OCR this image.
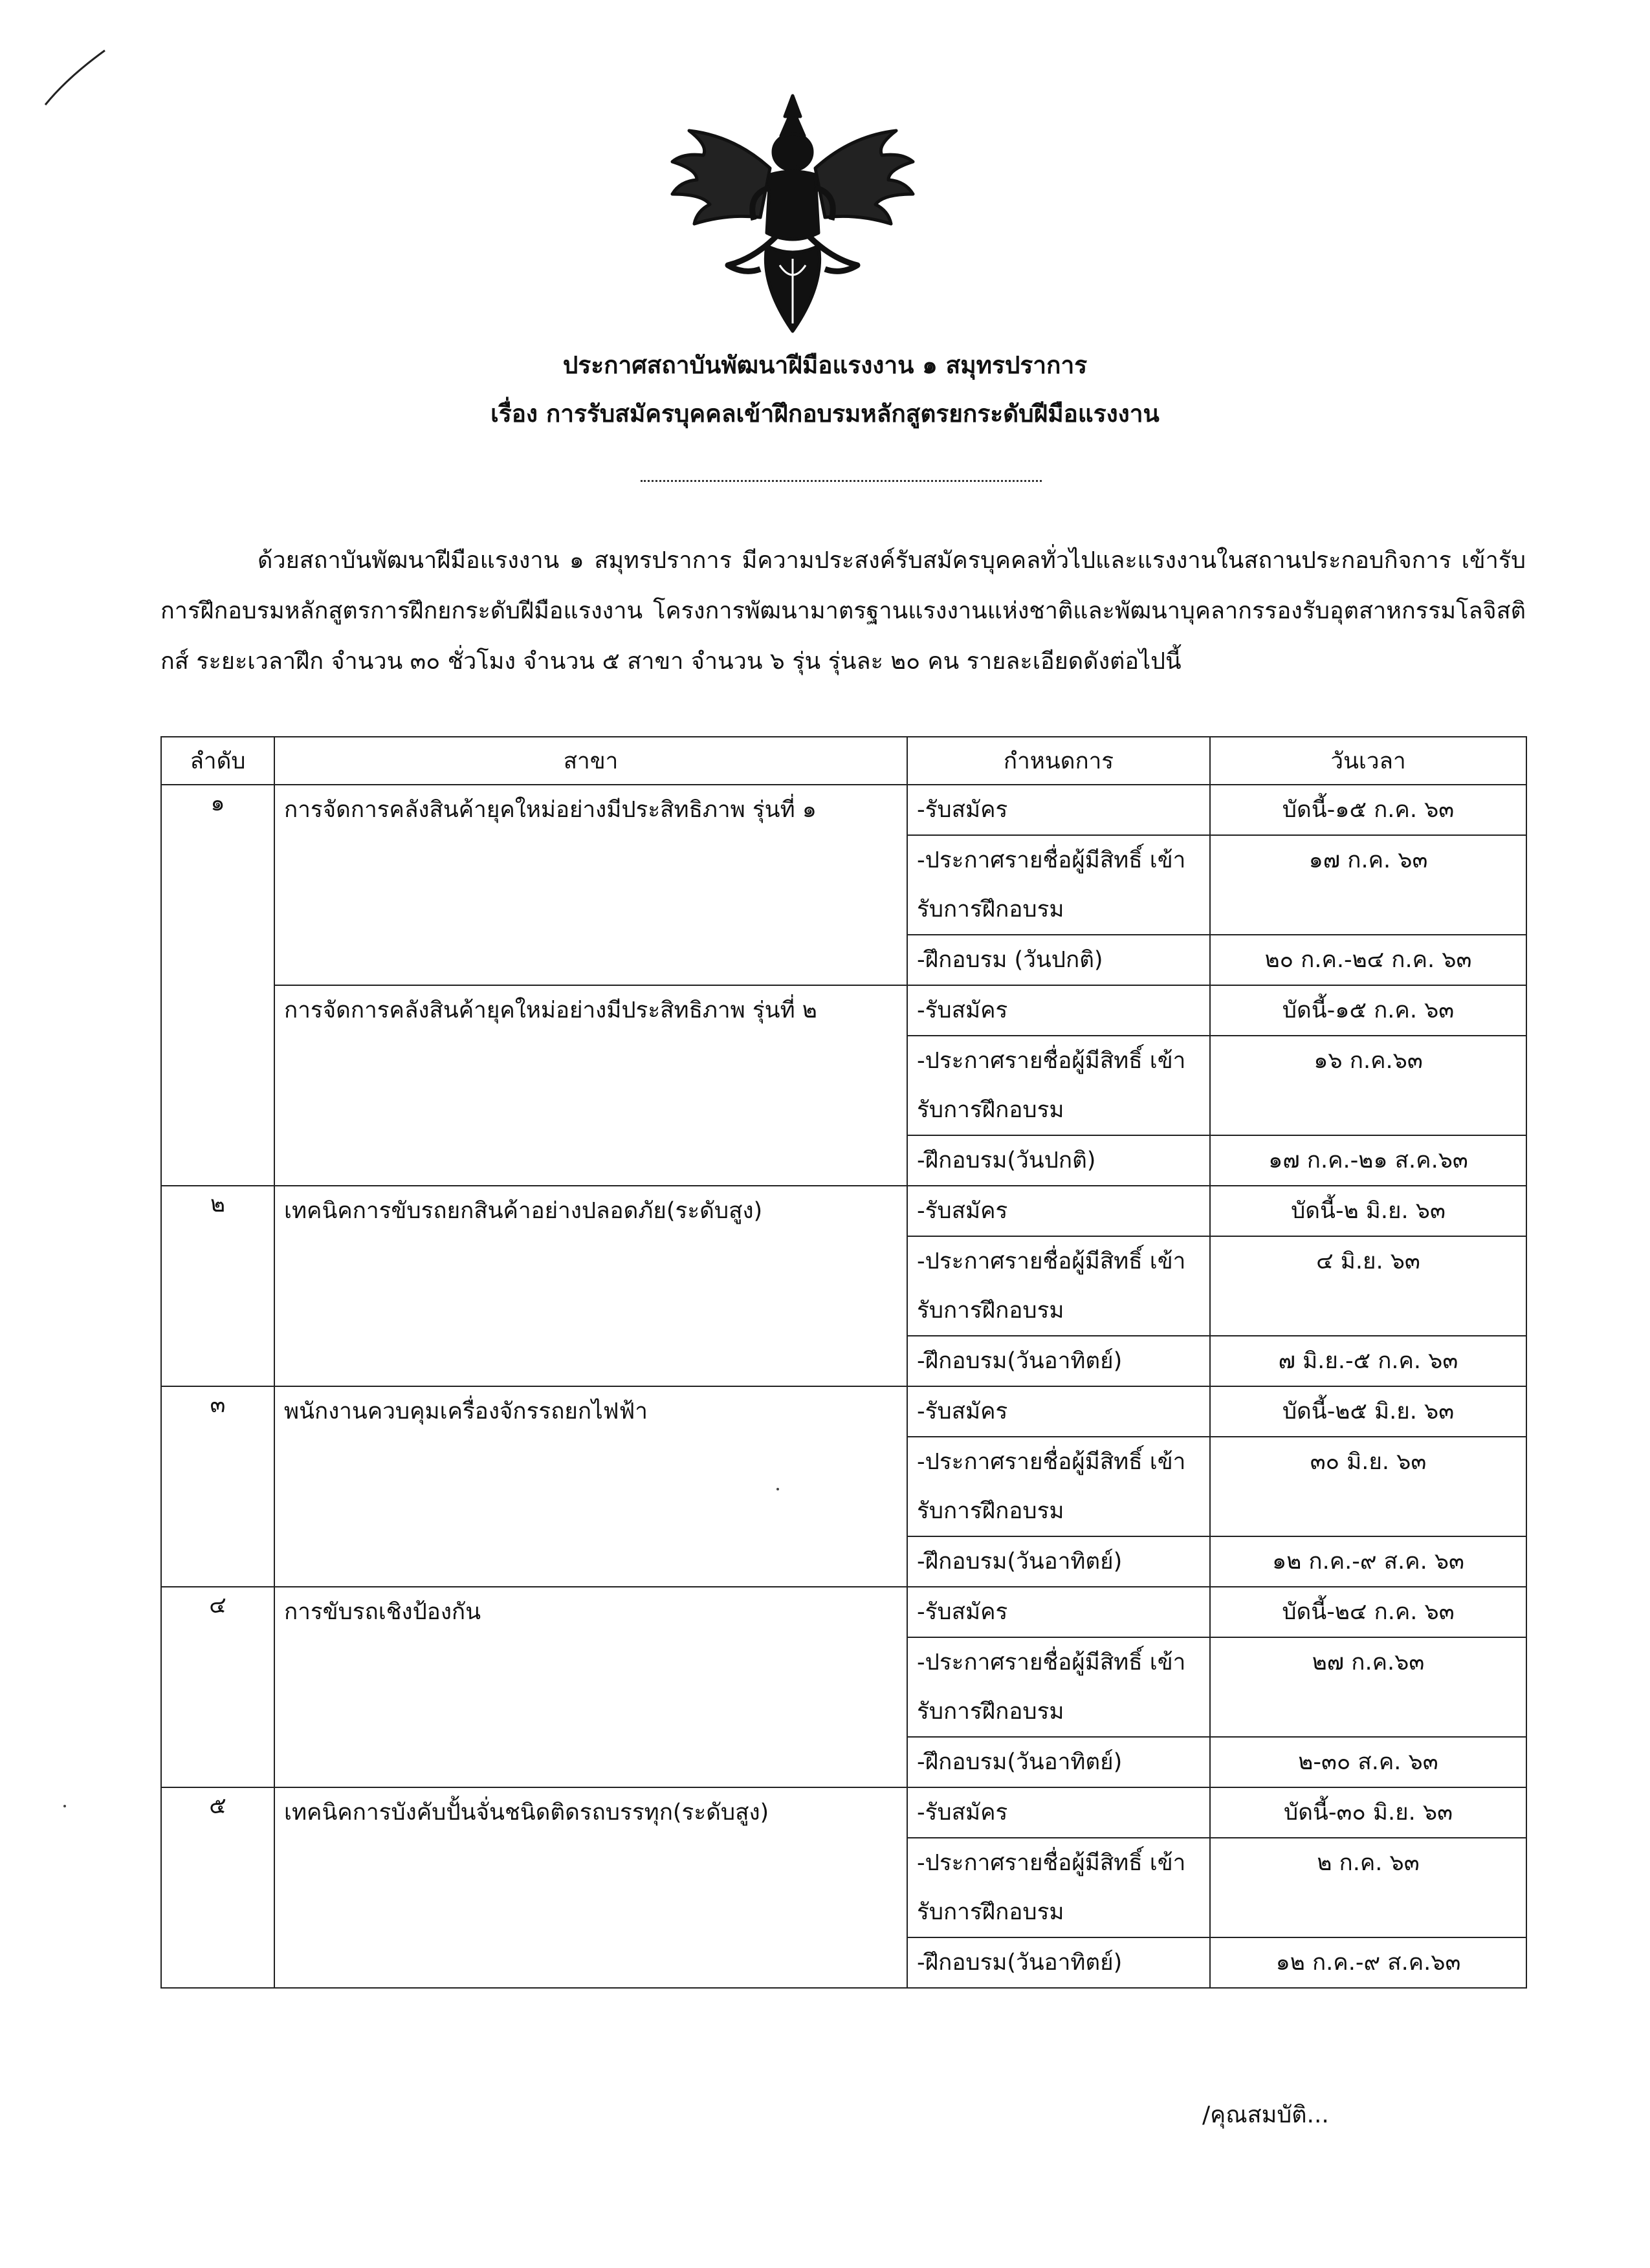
ประกาศสถาบันพัฒนาฝีมือแรงงาน ๑ สมุทรปราการ
เรื่อง การรับสมัครบุคคลเข้าฝึกอบรมหลักสูตรยกระดับฝีมือแรงงาน
ด้วยสถาบันพัฒนาฝีมือแรงงาน ๑ สมุทรปราการ มีความประสงค์รับสมัครบุคคลทั่วไปและแรงงานในสถานประกอบกิจการ เข้ารับการฝึกอบรมหลักสูตรการฝึกยกระดับฝีมือแรงงาน โครงการพัฒนามาตรฐานแรงงานแห่งชาติและพัฒนาบุคลากรรองรับอุตสาหกรรมโลจิสติกส์ ระยะเวลาฝึก จำนวน ๓๐ ชั่วโมง จำนวน ๕ สาขา จำนวน ๖ รุ่น รุ่นละ ๒๐ คน รายละเอียดดังต่อไปนี้
ลำดับ	สาขา	กำหนดการ	วันเวลา
๑	การจัดการคลังสินค้ายุคใหม่อย่างมีประสิทธิภาพ รุ่นที่ ๑	-รับสมัคร	บัดนี้-๑๕ ก.ค. ๖๓
		-ประกาศรายชื่อผู้มีสิทธิ์ เข้ารับการฝึกอบรม	๑๗ ก.ค. ๖๓
		-ฝึกอบรม (วันปกติ)	๒๐ ก.ค.-๒๔ ก.ค. ๖๓
	การจัดการคลังสินค้ายุคใหม่อย่างมีประสิทธิภาพ รุ่นที่ ๒	-รับสมัคร	บัดนี้-๑๕ ก.ค. ๖๓
		-ประกาศรายชื่อผู้มีสิทธิ์ เข้ารับการฝึกอบรม	๑๖ ก.ค.๖๓
		-ฝึกอบรม(วันปกติ)	๑๗ ก.ค.-๒๑ ส.ค.๖๓
๒	เทคนิคการขับรถยกสินค้าอย่างปลอดภัย(ระดับสูง)	-รับสมัคร	บัดนี้-๒ มิ.ย. ๖๓
		-ประกาศรายชื่อผู้มีสิทธิ์ เข้ารับการฝึกอบรม	๔ มิ.ย. ๖๓
		-ฝึกอบรม(วันอาทิตย์)	๗ มิ.ย.-๕ ก.ค. ๖๓
๓	พนักงานควบคุมเครื่องจักรรถยกไฟฟ้า	-รับสมัคร	บัดนี้-๒๕ มิ.ย. ๖๓
		-ประกาศรายชื่อผู้มีสิทธิ์ เข้ารับการฝึกอบรม	๓๐ มิ.ย. ๖๓
		-ฝึกอบรม(วันอาทิตย์)	๑๒ ก.ค.-๙ ส.ค. ๖๓
๔	การขับรถเชิงป้องกัน	-รับสมัคร	บัดนี้-๒๔ ก.ค. ๖๓
		-ประกาศรายชื่อผู้มีสิทธิ์ เข้ารับการฝึกอบรม	๒๗ ก.ค.๖๓
		-ฝึกอบรม(วันอาทิตย์)	๒-๓๐ ส.ค. ๖๓
๕	เทคนิคการบังคับปั้นจั่นชนิดติดรถบรรทุก(ระดับสูง)	-รับสมัคร	บัดนี้-๓๐ มิ.ย. ๖๓
		-ประกาศรายชื่อผู้มีสิทธิ์ เข้ารับการฝึกอบรม	๒ ก.ค. ๖๓
		-ฝึกอบรม(วันอาทิตย์)	๑๒ ก.ค.-๙ ส.ค.๖๓
/คุณสมบัติ...
